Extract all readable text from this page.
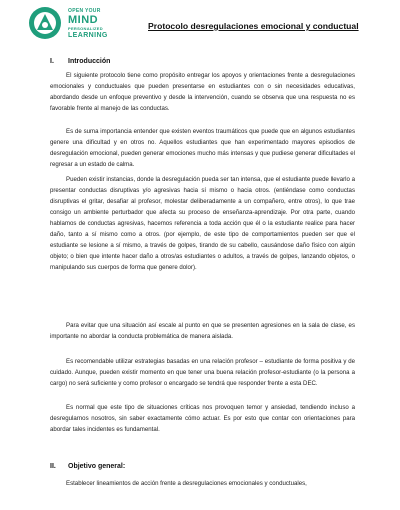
OPEN YOUR
MIND
PERSONALIZED
LEARNING
Protocolo desregulaciones emocional y conductual
I. Introducción

El siguiente protocolo tiene como propósito entregar los apoyos y orientaciones frente a desregulaciones emocionales y conductuales que pueden presentarse en estudiantes con o sin necesidades educativas, abordando desde un enfoque preventivo y desde la intervención, cuando se observa que una respuesta no es favorable frente al manejo de las conductas.

Es de suma importancia entender que existen eventos traumáticos que puede que en algunos estudiantes genere una dificultad y en otros no. Aquellos estudiantes que han experimentado mayores episodios de desregulación emocional, pueden generar emociones mucho más intensas y que pudiese generar dificultades el regresar a un estado de calma.

Pueden existir instancias, donde la desregulación pueda ser tan intensa, que el estudiante puede llevarlo a presentar conductas disruptivas y/o agresivas hacia sí mismo o hacia otros. (entiéndase como conductas disruptivas el gritar, desafiar al profesor, molestar deliberadamente a un compañero, entre otros), lo que trae consigo un ambiente perturbador que afecta su proceso de enseñanza-aprendizaje. Por otra parte, cuando hablamos de conductas agresivas, hacemos referencia a toda acción que él o la estudiante realice para hacer daño, tanto a sí mismo como a otros. (por ejemplo, de este tipo de comportamientos pueden ser que el estudiante se lesione a sí mismo, a través de golpes, tirando de su cabello, causándose daño físico con algún objeto; o bien que intente hacer daño a otros/as estudiantes o adultos, a través de golpes, lanzando objetos, o manipulando sus cuerpos de forma que genere dolor).

Para evitar que una situación así escale al punto en que se presenten agresiones en la sala de clase, es importante no abordar la conducta problemática de manera aislada.

Es recomendable utilizar estrategias basadas en una relación profesor – estudiante de forma positiva y de cuidado. Aunque, pueden existir momento en que tener una buena relación profesor-estudiante (o la persona a cargo) no será suficiente y como profesor o encargado se tendrá que responder frente a esta DEC.

Es normal que este tipo de situaciones críticas nos provoquen temor y ansiedad, tendiendo incluso a desregularnos nosotros, sin saber exactamente cómo actuar. Es por esto que contar con orientaciones para abordar tales incidentes es fundamental.

II. Objetivo general:

Establecer lineamientos de acción frente a desregulaciones emocionales y conductuales,
